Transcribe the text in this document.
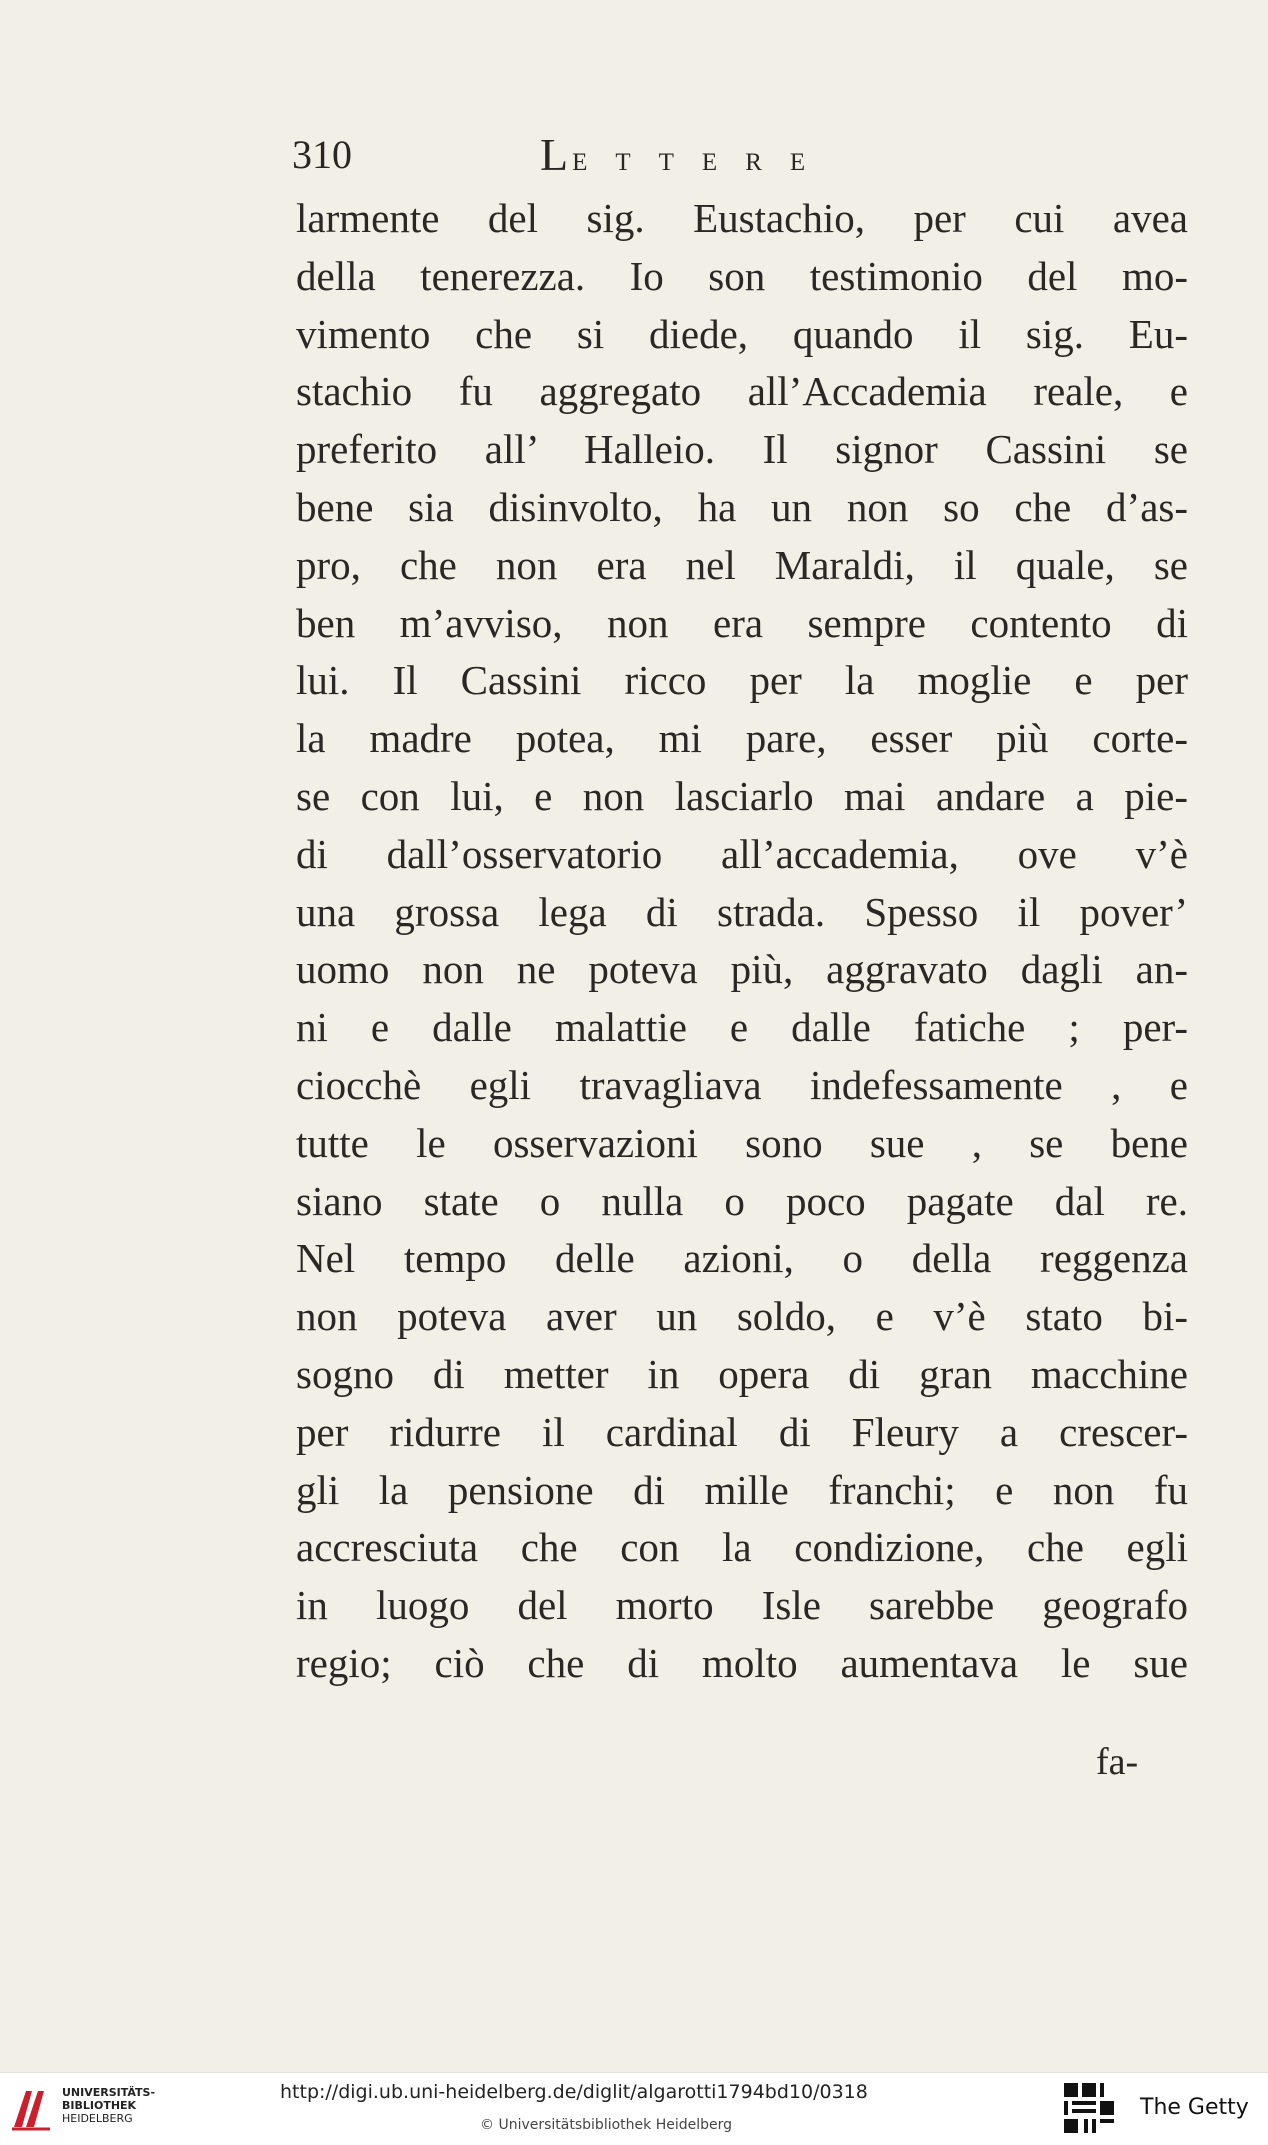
310	LETTERE
larmente del sig. Eustachio, per cui avea
della tenerezza. Io son testimonio del mo-
vimento che si diede, quando il sig. Eu-
stachio fu aggregato all’Accademia reale, e
preferito all’ Halleio. Il signor Cassini se
bene sia disinvolto, ha un non so che d’as-
pro, che non era nel Maraldi, il quale, se
ben m’avviso, non era sempre contento di
lui. Il Cassini ricco per la moglie e per
la madre potea, mi pare, esser più corte-
se con lui, e non lasciarlo mai andare a pie-
di dall’osservatorio all’accademia, ove v’è
una grossa lega di strada. Spesso il pover’
uomo non ne poteva più, aggravato dagli an-
ni e dalle malattie e dalle fatiche ; per-
ciocchè egli travagliava indefessamente , e
tutte le osservazioni sono sue , se bene
siano state o nulla o poco pagate dal re.
Nel tempo delle azioni, o della reggenza
non poteva aver un soldo, e v’è stato bi-
sogno di metter in opera di gran macchine
per ridurre il cardinal di Fleury a crescer-
gli la pensione di mille franchi; e non fu
accresciuta che con la condizione, che egli
in luogo del morto Isle sarebbe geografo
regio; ciò che di molto aumentava le sue
fa-
UNIVERSITÄTS-
BIBLIOTHEK
HEIDELBERG
http://digi.ub.uni-heidelberg.de/diglit/algarotti1794bd10/0318
© Universitätsbibliothek Heidelberg
The Getty
